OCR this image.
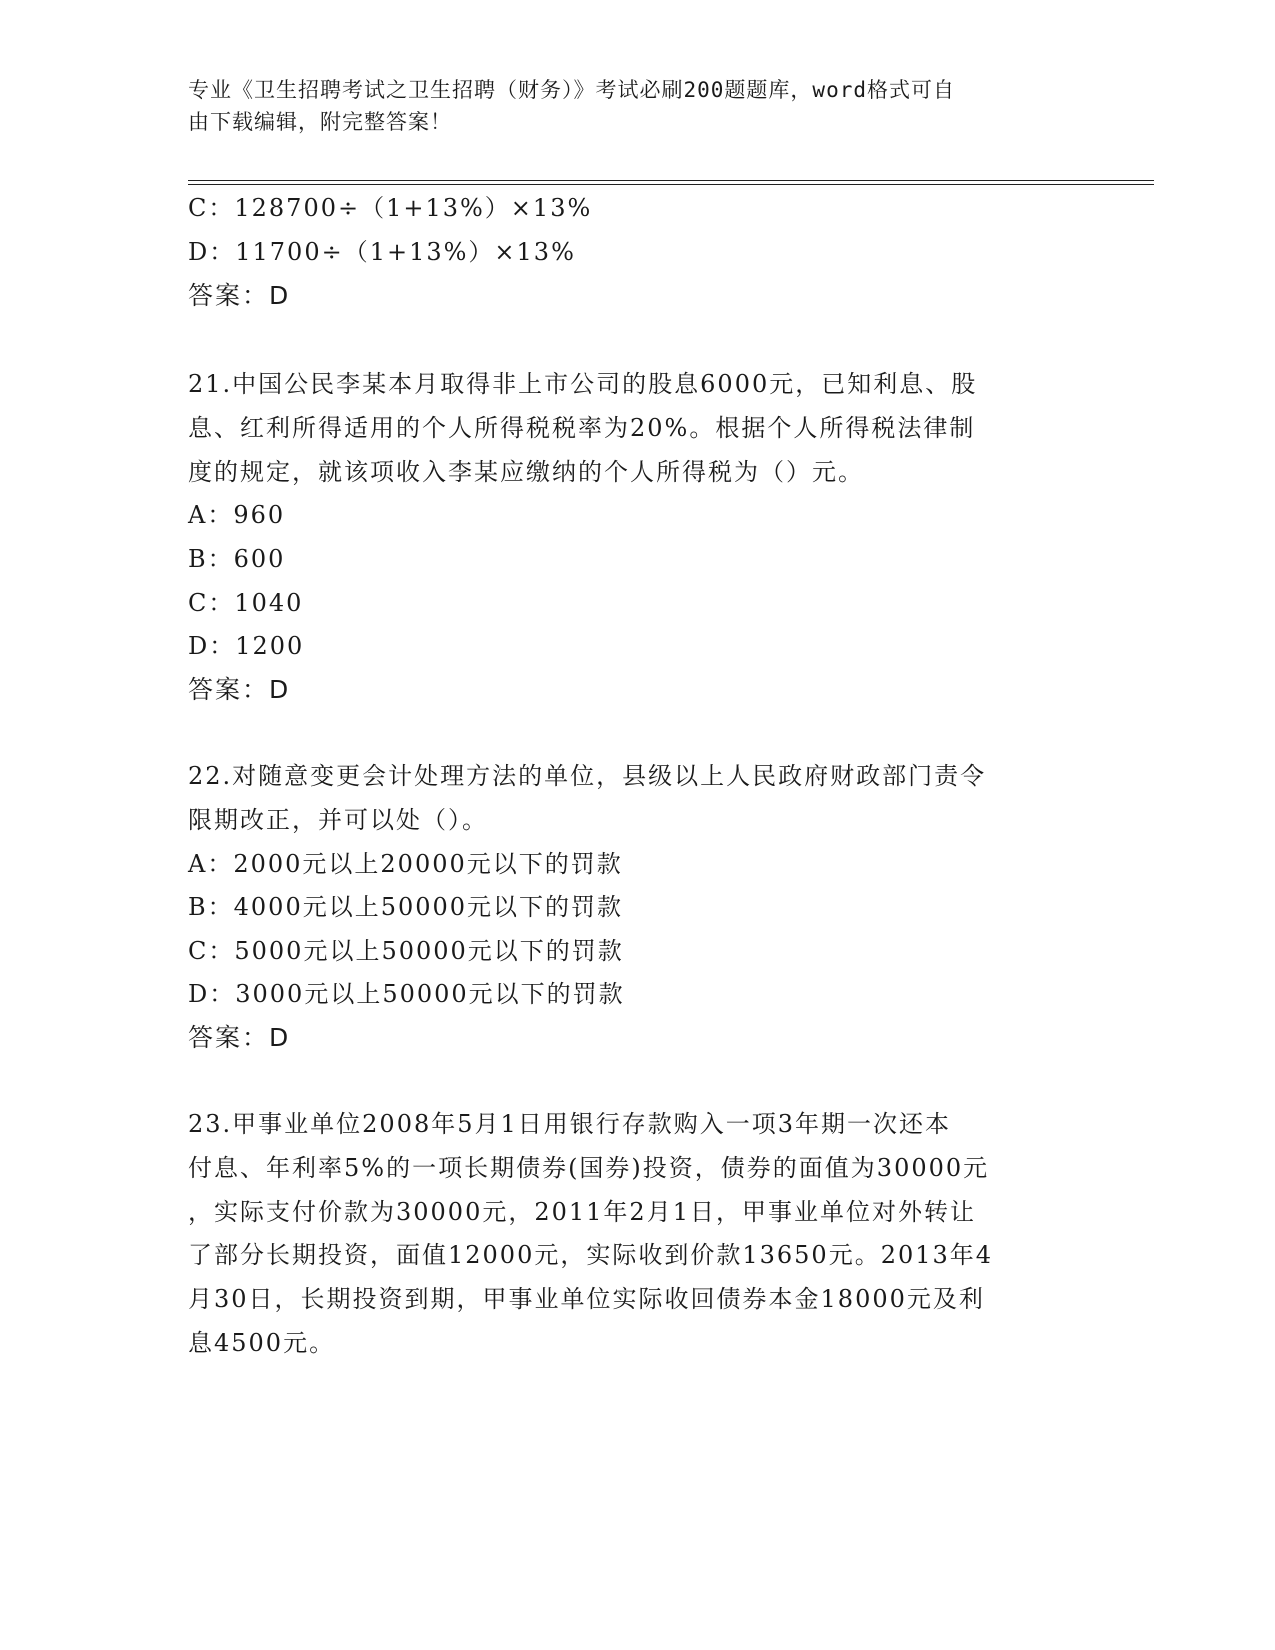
专业《卫生招聘考试之卫生招聘（财务）》考试必刷200题题库，word格式可自
由下载编辑，附完整答案！
C：128700÷（1+13%）×13%
D：11700÷（1+13%）×13%
答案：D
21.中国公民李某本月取得非上市公司的股息6000元，已知利息、股
息、红利所得适用的个人所得税税率为20%。根据个人所得税法律制
度的规定，就该项收入李某应缴纳的个人所得税为（）元。
A：960
B：600
C：1040
D：1200
答案：D
22.对随意变更会计处理方法的单位，县级以上人民政府财政部门责令
限期改正，并可以处（）。
A：2000元以上20000元以下的罚款
B：4000元以上50000元以下的罚款
C：5000元以上50000元以下的罚款
D：3000元以上50000元以下的罚款
答案：D
23.甲事业单位2008年5月1日用银行存款购入一项3年期一次还本
付息、年利率5%的一项长期债券(国券)投资，债券的面值为30000元
，实际支付价款为30000元，2011年2月1日，甲事业单位对外转让
了部分长期投资，面值12000元，实际收到价款13650元。2013年4
月30日，长期投资到期，甲事业单位实际收回债券本金18000元及利
息4500元。
